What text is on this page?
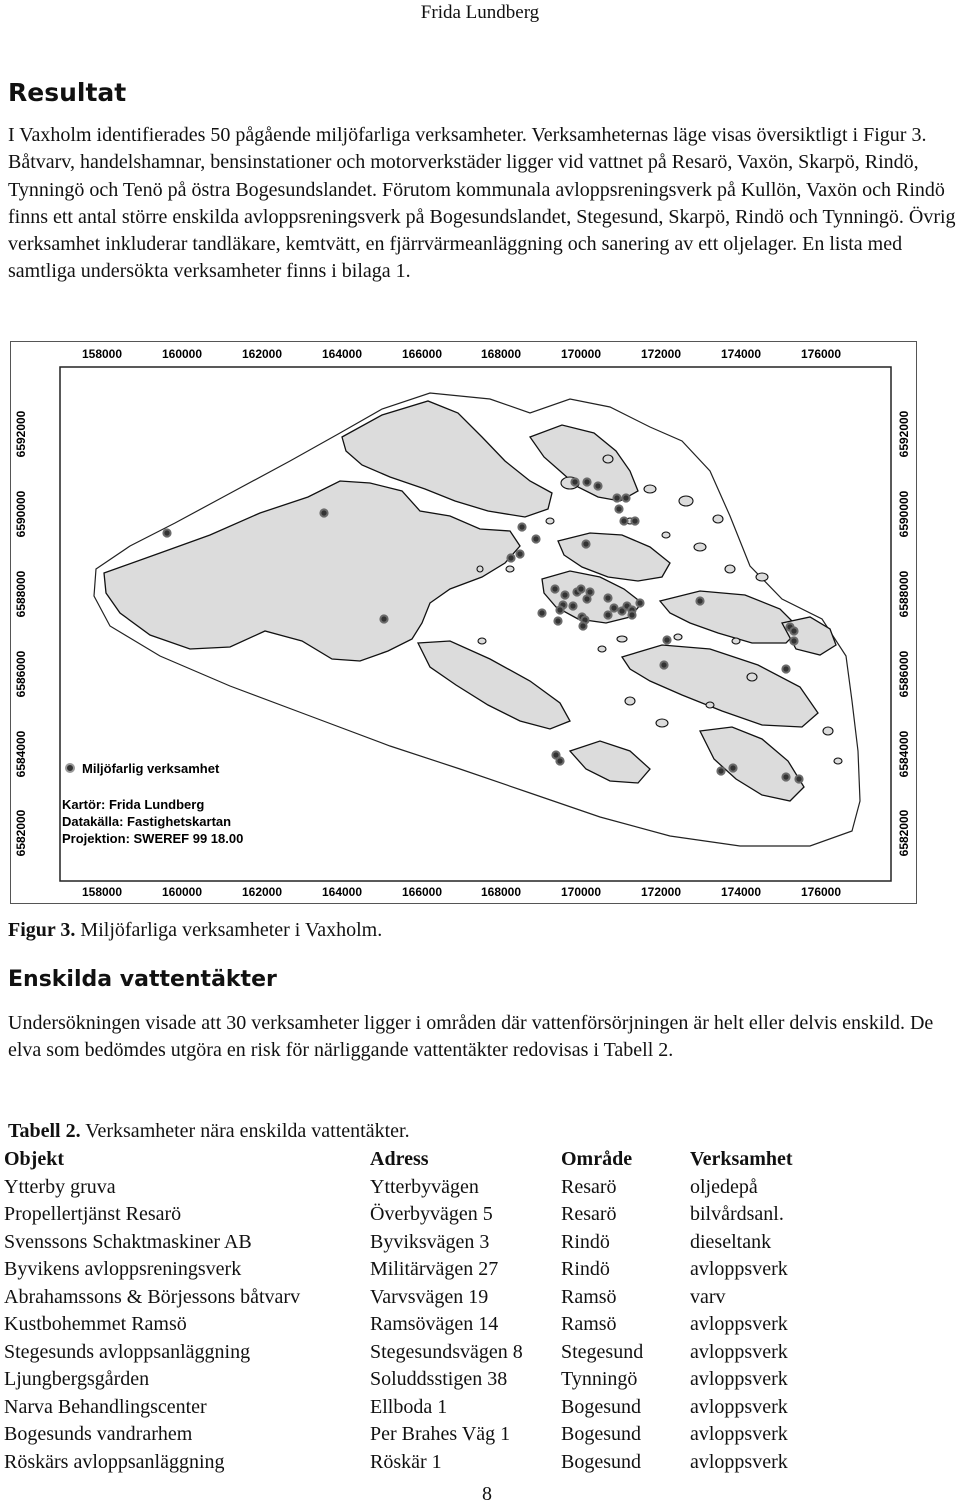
Frida Lundberg
Resultat

I Vaxholm identifierades 50 pågående miljöfarliga verksamheter. Verksamheternas läge visas översiktligt i Figur 3. Båtvarv, handelshamnar, bensinstationer och motorverkstäder ligger vid vattnet på Resarö, Vaxön, Skarpö, Rindö, Tynningö och Tenö på östra Bogesundslandet. Förutom kommunala avloppsreningsverk på Kullön, Vaxön och Rindö finns ett antal större enskilda avloppsreningsverk på Bogesundslandet, Stegesund, Skarpö, Rindö och Tynningö. Övrig verksamhet inkluderar tandläkare, kemtvätt, en fjärrvärmeanläggning och sanering av ett oljelager. En lista med samtliga undersökta verksamheter finns i bilaga 1.

158000	160000	162000	164000	166000	168000	170000	172000	174000	176000
158000	160000	162000	164000	166000	168000	170000	172000	174000	176000
6582000
6584000
6586000
6588000
6590000
6592000
6582000
6584000
6586000
6588000
6590000
6592000
Miljöfarlig verksamhet
Kartör: Frida Lundberg
Datakälla: Fastighetskartan
Projektion: SWEREF 99 18.00

Figur 3. Miljöfarliga verksamheter i Vaxholm.

Enskilda vattentäkter

Undersökningen visade att 30 verksamheter ligger i områden där vattenförsörjningen är helt eller delvis enskild. De elva som bedömdes utgöra en risk för närliggande vattentäkter redovisas i Tabell 2.

Tabell 2. Verksamheter nära enskilda vattentäkter.

Objekt	Adress	Område	Verksamhet
Ytterby gruva	Ytterbyvägen	Resarö	oljedepå
Propellertjänst Resarö	Överbyvägen 5	Resarö	bilvårdsanl.
Svenssons Schaktmaskiner AB	Byviksvägen 3	Rindö	dieseltank
Byvikens avloppsreningsverk	Militärvägen 27	Rindö	avloppsverk
Abrahamssons & Börjessons båtvarv	Varvsvägen 19	Ramsö	varv
Kustbohemmet Ramsö	Ramsövägen 14	Ramsö	avloppsverk
Stegesunds avloppsanläggning	Stegesundsvägen 8	Stegesund	avloppsverk
Ljungbergsgården	Soluddsstigen 38	Tynningö	avloppsverk
Narva Behandlingscenter	Ellboda 1	Bogesund	avloppsverk
Bogesunds vandrarhem	Per Brahes Väg 1	Bogesund	avloppsverk
Röskärs avloppsanläggning	Röskär 1	Bogesund	avloppsverk
8
